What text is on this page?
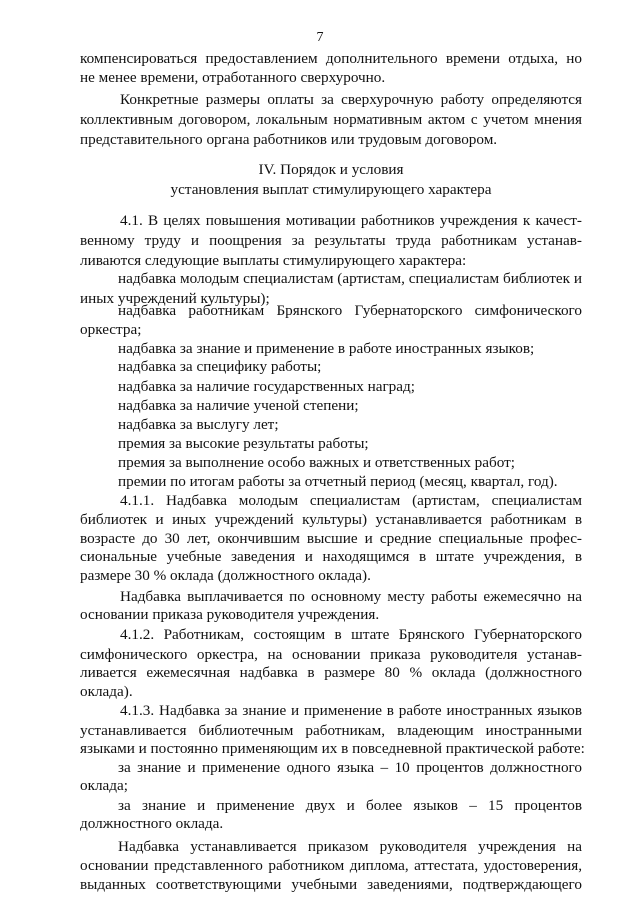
7
компенсироваться предоставлением дополнительного времени отдыха, но
не менее времени, отработанного сверхурочно.
Конкретные размеры оплаты за сверхурочную работу определяются
коллективным договором, локальным нормативным актом с учетом мнения
представительного органа работников или трудовым договором.
IV. Порядок и условия
установления выплат стимулирующего характера
4.1. В целях повышения мотивации работников учреждения к качест-
венному труду и поощрения за результаты труда работникам устанав-
ливаются следующие выплаты стимулирующего характера:
надбавка молодым специалистам (артистам, специалистам библиотек и
иных учреждений культуры);
надбавка работникам Брянского Губернаторского симфонического
оркестра;
надбавка за знание и применение в работе иностранных языков;
надбавка за специфику работы;
надбавка за наличие государственных наград;
надбавка за наличие ученой степени;
надбавка за выслугу лет;
премия за высокие результаты работы;
премия за выполнение особо важных и ответственных работ;
премии по итогам работы за отчетный период (месяц, квартал, год).
4.1.1. Надбавка молодым специалистам (артистам, специалистам
библиотек и иных учреждений культуры) устанавливается работникам в
возрасте до 30 лет, окончившим высшие и средние специальные профес-
сиональные учебные заведения и находящимся в штате учреждения, в
размере 30 % оклада (должностного оклада).
Надбавка выплачивается по основному месту работы ежемесячно на
основании приказа руководителя учреждения.
4.1.2. Работникам, состоящим в штате Брянского Губернаторского
симфонического оркестра, на основании приказа руководителя устанав-
ливается ежемесячная надбавка в размере 80 % оклада (должностного
оклада).
4.1.3. Надбавка за знание и применение в работе иностранных языков
устанавливается библиотечным работникам, владеющим иностранными
языками и постоянно применяющим их в повседневной практической работе:
за знание и применение одного языка – 10 процентов должностного
оклада;
за знание и применение двух и более языков – 15 процентов
должностного оклада.
Надбавка устанавливается приказом руководителя учреждения на
основании представленного работником диплома, аттестата, удостоверения,
выданных соответствующими учебными заведениями, подтверждающего
